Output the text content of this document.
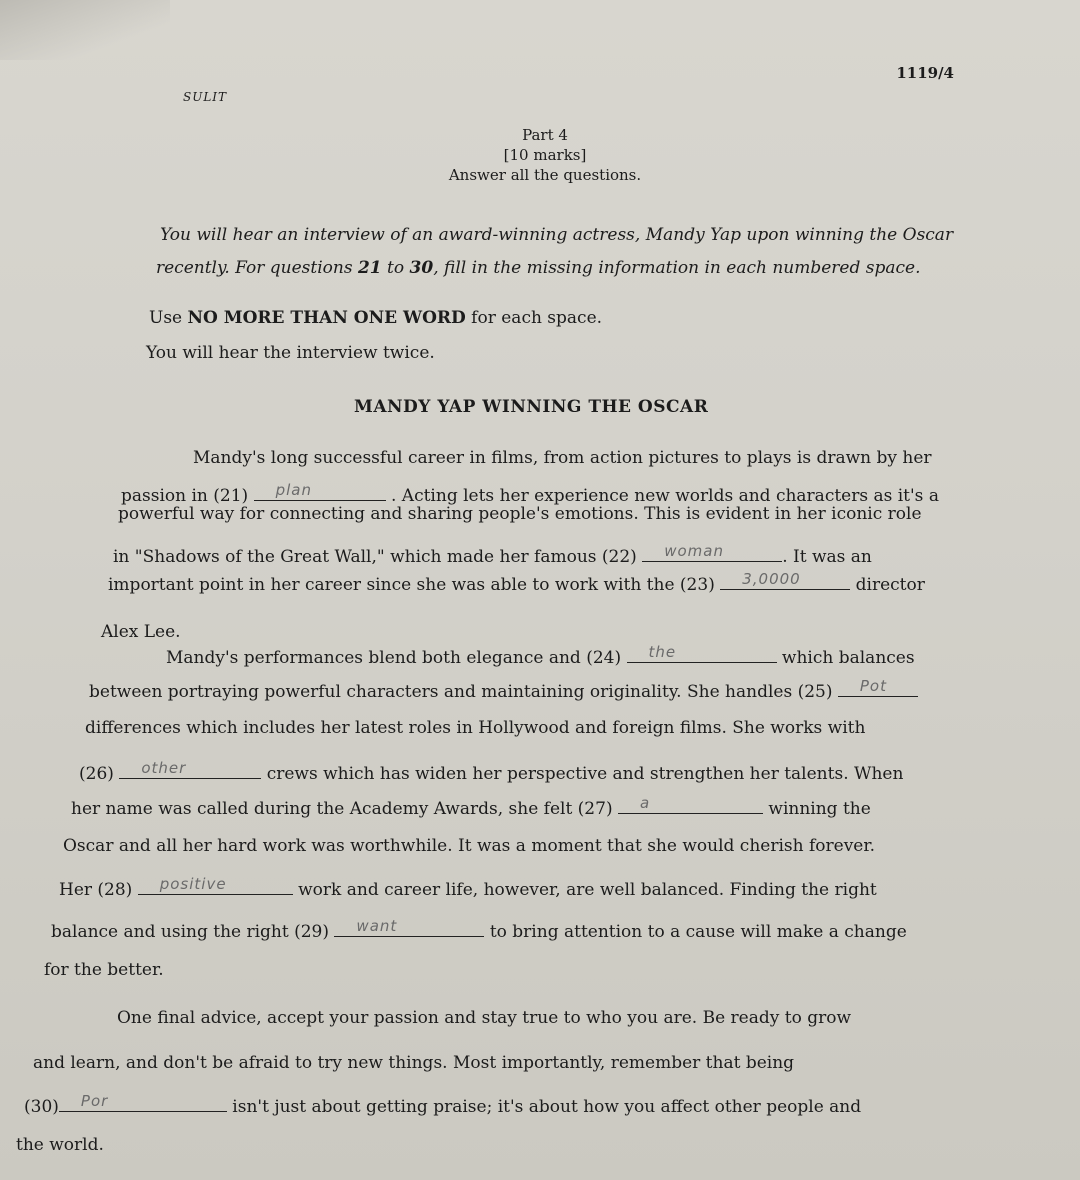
1119/4
SULIT
Part 4
[10 marks]
Answer all the questions.
You will hear an interview of an award-winning actress, Mandy Yap upon winning the Oscar
recently. For questions 21 to 30, fill in the missing information in each numbered space.
Use NO MORE THAN ONE WORD for each space.
You will hear the interview twice.
MANDY YAP WINNING THE OSCAR
Mandy's long successful career in films, from action pictures to plays is drawn by her
passion in (21) plan	. Acting lets her experience new worlds and characters as it's a
powerful way for connecting and sharing people's emotions. This is evident in her iconic role
in "Shadows of the Great Wall," which made her famous (22) woman	. It was an
important point in her career since she was able to work with the (23) 3,0000	director
Alex Lee.
Mandy's performances blend both elegance and (24) the	which balances
between portraying powerful characters and maintaining originality. She handles (25) Pot
differences which includes her latest roles in Hollywood and foreign films. She works with
(26) other	crews which has widen her perspective and strengthen her talents. When
her name was called during the Academy Awards, she felt (27) a	winning the
Oscar and all her hard work was worthwhile. It was a moment that she would cherish forever.
Her (28) positive	work and career life, however, are well balanced. Finding the right
balance and using the right (29) want	to bring attention to a cause will make a change
for the better.
One final advice, accept your passion and stay true to who you are. Be ready to grow
and learn, and don't be afraid to try new things. Most importantly, remember that being
(30) Por	isn't just about getting praise; it's about how you affect other people and
the world.
